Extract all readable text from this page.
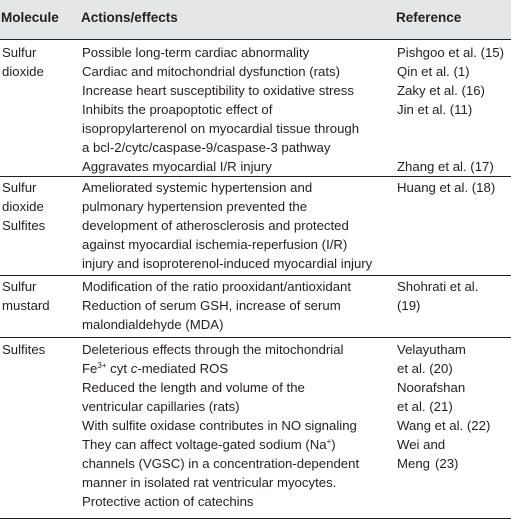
Molecule Actions/effects	Reference
Sulfur
dioxide
Possible long-term cardiac abnormality
Cardiac and mitochondrial dysfunction (rats)
Increase heart susceptibility to oxidative stress
Inhibits the proapoptotic effect of
isopropylarterenol on myocardial tissue through
a bcl-2/cytc/caspase-9/caspase-3 pathway
Aggravates myocardial I/R injury
Pishgoo et al. (15)
Qin et al. (1)
Zaky et al. (16)
Jin et al. (11)
Zhang et al. (17)
Sulfur
dioxide
Sulfites
Ameliorated systemic hypertension and
pulmonary hypertension prevented the
development of atherosclerosis and protected
against myocardial ischemia-reperfusion (I/R)
injury and isoproterenol-induced myocardial injury
Huang et al. (18)
Sulfur
mustard
Modification of the ratio prooxidant/antioxidant
Reduction of serum GSH, increase of serum
malondialdehyde (MDA)
Shohrati et al.
(19)
Sulfites	Deleterious effects through the mitochondrial
$Fe^{3+}$ cyt c-mediated ROS
Reduced the length and volume of the
ventricular capillaries (rats)
With sulfite oxidase contributes in NO signaling
They can affect voltage-gated sodium (Na+)
channels (VGSC) in a concentration-dependent
manner in isolated rat ventricular myocytes.
Protective action of catechins
Velayutham
et al. (20)
Noorafshan
et al. (21)
Wang et al. (22)
Wei and
Meng (23)
